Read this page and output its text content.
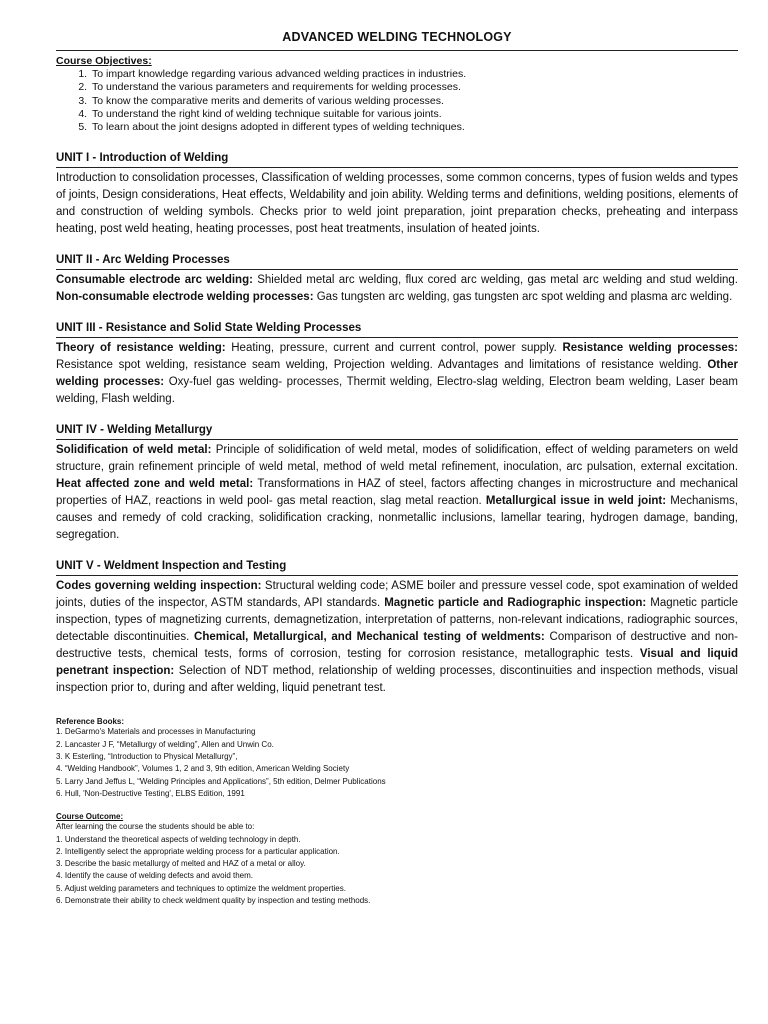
ADVANCED WELDING TECHNOLOGY
Course Objectives:
1. To impart knowledge regarding various advanced welding practices in industries.
2. To understand the various parameters and requirements for welding processes.
3. To know the comparative merits and demerits of various welding processes.
4. To understand the right kind of welding technique suitable for various joints.
5. To learn about the joint designs adopted in different types of welding techniques.
UNIT I - Introduction of Welding
Introduction to consolidation processes, Classification of welding processes, some common concerns, types of fusion welds and types of joints, Design considerations, Heat effects, Weldability and join ability. Welding terms and definitions, welding positions, elements of and construction of welding symbols. Checks prior to weld joint preparation, joint preparation checks, preheating and interpass heating, post weld heating, heating processes, post heat treatments, insulation of heated joints.
UNIT II - Arc Welding Processes
Consumable electrode arc welding: Shielded metal arc welding, flux cored arc welding, gas metal arc welding and stud welding. Non-consumable electrode welding processes: Gas tungsten arc welding, gas tungsten arc spot welding and plasma arc welding.
UNIT III - Resistance and Solid State Welding Processes
Theory of resistance welding: Heating, pressure, current and current control, power supply. Resistance welding processes: Resistance spot welding, resistance seam welding, Projection welding. Advantages and limitations of resistance welding. Other welding processes: Oxy-fuel gas welding- processes, Thermit welding, Electro-slag welding, Electron beam welding, Laser beam welding, Flash welding.
UNIT IV - Welding Metallurgy
Solidification of weld metal: Principle of solidification of weld metal, modes of solidification, effect of welding parameters on weld structure, grain refinement principle of weld metal, method of weld metal refinement, inoculation, arc pulsation, external excitation. Heat affected zone and weld metal: Transformations in HAZ of steel, factors affecting changes in microstructure and mechanical properties of HAZ, reactions in weld pool- gas metal reaction, slag metal reaction. Metallurgical issue in weld joint: Mechanisms, causes and remedy of cold cracking, solidification cracking, nonmetallic inclusions, lamellar tearing, hydrogen damage, banding, segregation.
UNIT V - Weldment Inspection and Testing
Codes governing welding inspection: Structural welding code; ASME boiler and pressure vessel code, spot examination of welded joints, duties of the inspector, ASTM standards, API standards. Magnetic particle and Radiographic inspection: Magnetic particle inspection, types of magnetizing currents, demagnetization, interpretation of patterns, non-relevant indications, radiographic sources, detectable discontinuities. Chemical, Metallurgical, and Mechanical testing of weldments: Comparison of destructive and non-destructive tests, chemical tests, forms of corrosion, testing for corrosion resistance, metallographic tests. Visual and liquid penetrant inspection: Selection of NDT method, relationship of welding processes, discontinuities and inspection methods, visual inspection prior to, during and after welding, liquid penetrant test.
Reference Books:
1. DeGarmo's Materials and processes in Manufacturing
2. Lancaster J F, “Metallurgy of welding”, Allen and Unwin Co.
3. K Esterling, “Introduction to Physical Metallurgy”,
4. “Welding Handbook”, Volumes 1, 2 and 3, 9th edition, American Welding Society
5. Larry Jand Jeffus L, “Welding Principles and Applications”, 5th edition, Delmer Publications
6. Hull, 'Non-Destructive Testing', ELBS Edition, 1991
Course Outcome:
After learning the course the students should be able to:
1. Understand the theoretical aspects of welding technology in depth.
2. Intelligently select the appropriate welding process for a particular application.
3. Describe the basic metallurgy of melted and HAZ of a metal or alloy.
4. Identify the cause of welding defects and avoid them.
5. Adjust welding parameters and techniques to optimize the weldment properties.
6. Demonstrate their ability to check weldment quality by inspection and testing methods.
